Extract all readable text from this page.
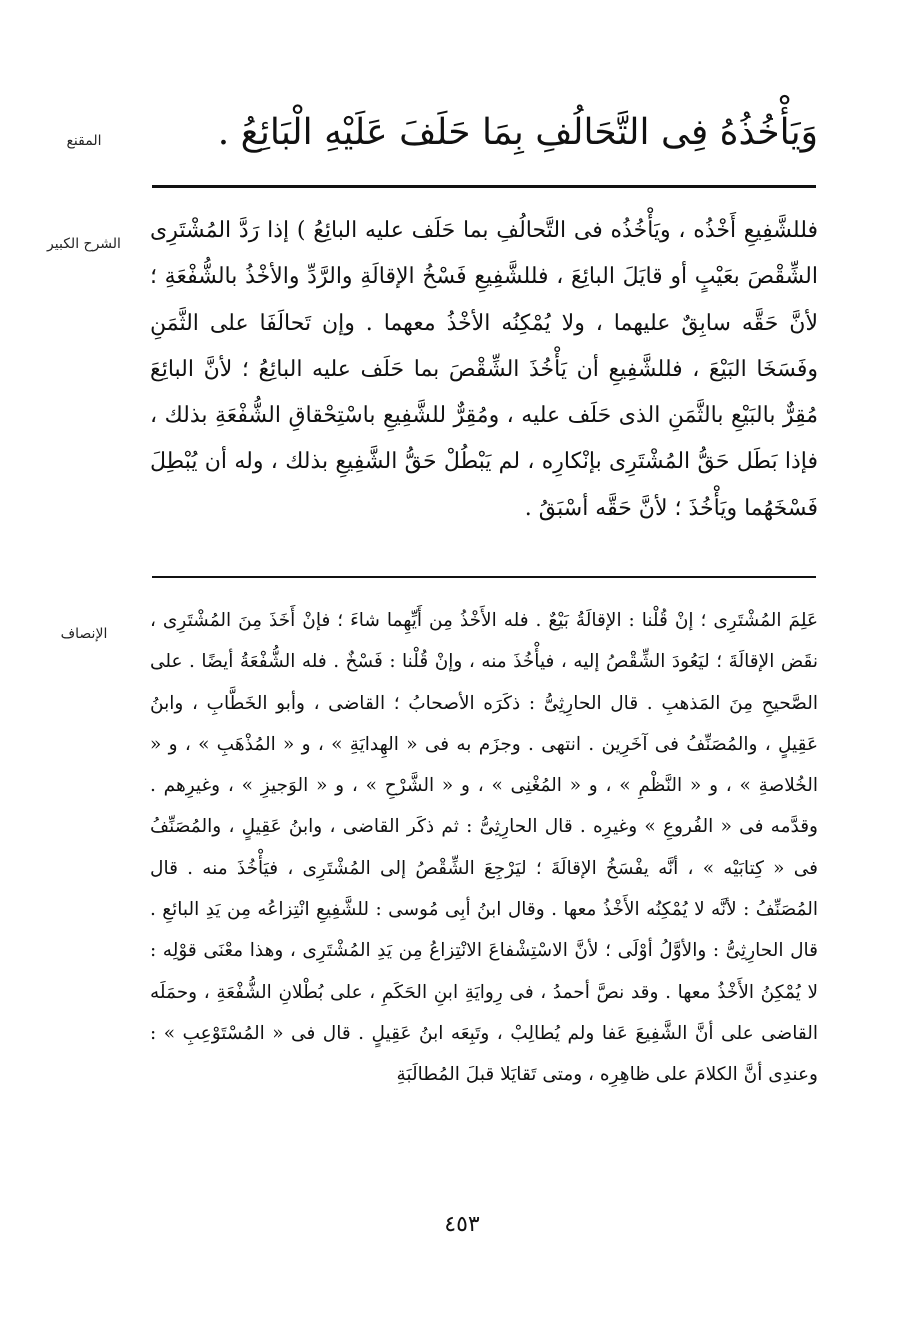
المقنع	وَيَأْخُذُهُ فِى التَّحَالُفِ بِمَا حَلَفَ عَلَيْهِ الْبَائِعُ .

الشرح الكبير

فللشَّفِيعِ أَخْذُه ، ويَأْخُذُه فى التَّحالُفِ بما حَلَف عليه البائِعُ ) إذا رَدَّ المُشْتَرِى الشِّقْصَ بعَيْبٍ أو قايَلَ البائِعَ ، فللشَّفِيعِ فَسْخُ الإقالَةِ والرَّدِّ والأخْذُ بالشُّفْعَةِ ؛ لأنَّ حَقَّه سابِقٌ عليهما ، ولا يُمْكِنُه الأخْذُ معهما . وإن تَحالَفَا على الثَّمَنِ وفَسَخَا البَيْعَ ، فللشَّفِيعِ أن يَأْخُذَ الشِّقْصَ بما حَلَف عليه البائِعُ ؛ لأنَّ البائِعَ مُقِرٌّ بالبَيْعِ بالثَّمَنِ الذى حَلَف عليه ، ومُقِرٌّ للشَّفِيعِ باسْتِحْقاقِ الشُّفْعَةِ بذلك ، فإذا بَطَل حَقُّ المُشْتَرِى بإنْكارِه ، لم يَبْطُلْ حَقُّ الشَّفِيعِ بذلك ، وله أن يُبْطِلَ فَسْخَهُما ويَأْخُذَ ؛ لأنَّ حَقَّه أسْبَقُ .

الإنصاف

عَلِمَ المُشْتَرِى ؛ إنْ قُلْنا : الإقالَةُ بَيْعٌ . فله الأَخْذُ مِن أَيِّهِما شاءَ ؛ فإنْ أَخَذَ مِنَ المُشْتَرِى ، نقَض الإقالَةَ ؛ ليَعُودَ الشِّقْصُ إليه ، فيأْخُذَ منه ، وإنْ قُلْنا : فَسْخٌ . فله الشُّفْعَةُ أيضًا . على الصَّحيحِ مِنَ المَذهبِ . قال الحارِثِىُّ : ذكَرَه الأصحابُ ؛ القاضى ، وأبو الخَطَّابِ ، وابنُ عَقِيلٍ ، والمُصَنِّفُ فى آخَرِين . انتهى . وجزَم به فى « الهِدايَةِ » ، و « المُذْهَبِ » ، و « الخُلاصةِ » ، و « النَّظْمِ » ، و « المُغْنِى » ، و « الشَّرْحِ » ، و « الوَجيزِ » ، وغيرِهم . وقدَّمه فى « الفُروعِ » وغيرِه . قال الحارِثِىُّ : ثم ذكَر القاضى ، وابنُ عَقِيلٍ ، والمُصَنِّفُ فى « كِتابَيْه » ، أنَّه يفْسَخُ الإقالَةَ ؛ ليَرْجِعَ الشِّقْصُ إلى المُشْتَرِى ، فيَأْخُذَ منه . قال المُصَنِّفُ : لأنَّه لا يُمْكِنُه الأَخْذُ معها . وقال ابنُ أبِى مُوسى : للشَّفِيعِ انْتِزاعُه مِن يَدِ البائعِ . قال الحارِثِىُّ : والأوَّلُ أوْلَى ؛ لأنَّ الاسْتِشْفاعَ الانْتِزاعُ مِن يَدِ المُشْتَرِى ، وهذا معْنَى قوْلِه : لا يُمْكِنُ الأَخْذُ معها . وقد نصَّ أحمدُ ، فى رِوايَةِ ابنِ الحَكَمِ ، على بُطْلانِ الشُّفْعَةِ ، وحمَلَه القاضى على أنَّ الشَّفِيعَ عَفا ولم يُطالِبْ ، وتَبِعَه ابنُ عَقِيلٍ . قال فى « المُسْتَوْعِبِ » : وعندِى أنَّ الكلامَ على ظاهِرِه ، ومتى تَقايَلا قبلَ المُطالَبَةِ

٤٥٣
